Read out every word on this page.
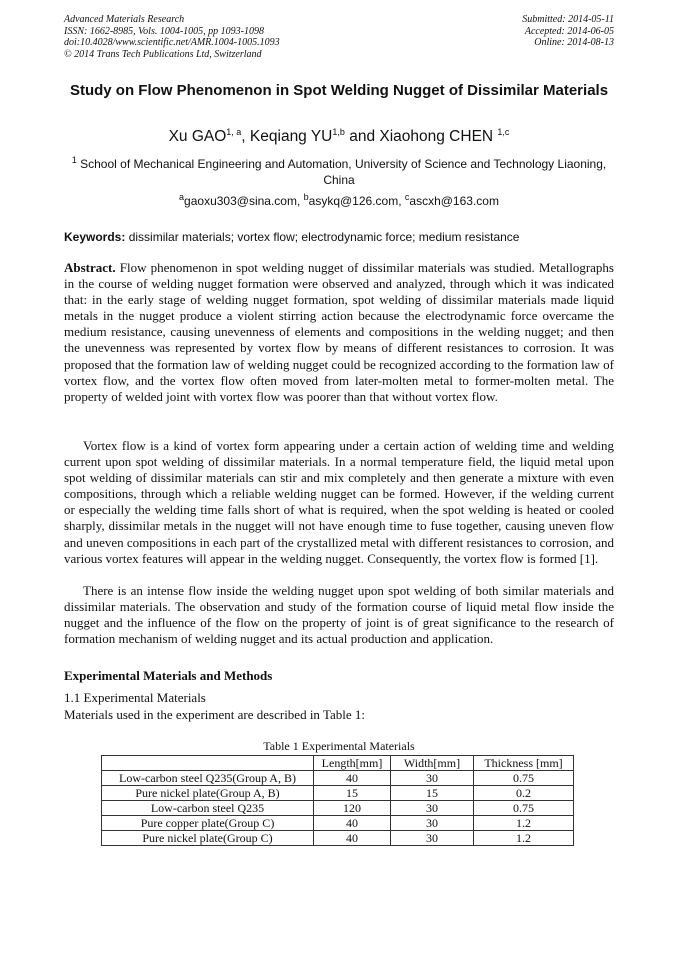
Advanced Materials Research
ISSN: 1662-8985, Vols. 1004-1005, pp 1093-1098
doi:10.4028/www.scientific.net/AMR.1004-1005.1093
© 2014 Trans Tech Publications Ltd, Switzerland
Submitted: 2014-05-11
Accepted: 2014-06-05
Online: 2014-08-13
Study on Flow Phenomenon in Spot Welding Nugget of Dissimilar Materials
Xu GAO$^{1, a}$, Keqiang YU$^{1,b}$ and Xiaohong CHEN $^{1,c}$
$^1$ School of Mechanical Engineering and Automation, University of Science and Technology Liaoning, China
$^a$gaoxu303@sina.com, $^b$asykq@126.com, $^c$ascxh@163.com
Keywords: dissimilar materials; vortex flow; electrodynamic force; medium resistance
Abstract. Flow phenomenon in spot welding nugget of dissimilar materials was studied. Metallographs in the course of welding nugget formation were observed and analyzed, through which it was indicated that: in the early stage of welding nugget formation, spot welding of dissimilar materials made liquid metals in the nugget produce a violent stirring action because the electrodynamic force overcame the medium resistance, causing unevenness of elements and compositions in the welding nugget; and then the unevenness was represented by vortex flow by means of different resistances to corrosion. It was proposed that the formation law of welding nugget could be recognized according to the formation law of vortex flow, and the vortex flow often moved from later-molten metal to former-molten metal. The property of welded joint with vortex flow was poorer than that without vortex flow.
Vortex flow is a kind of vortex form appearing under a certain action of welding time and welding current upon spot welding of dissimilar materials. In a normal temperature field, the liquid metal upon spot welding of dissimilar materials can stir and mix completely and then generate a mixture with even compositions, through which a reliable welding nugget can be formed. However, if the welding current or especially the welding time falls short of what is required, when the spot welding is heated or cooled sharply, dissimilar metals in the nugget will not have enough time to fuse together, causing uneven flow and uneven compositions in each part of the crystallized metal with different resistances to corrosion, and various vortex features will appear in the welding nugget. Consequently, the vortex flow is formed [1].
There is an intense flow inside the welding nugget upon spot welding of both similar materials and dissimilar materials. The observation and study of the formation course of liquid metal flow inside the nugget and the influence of the flow on the property of joint is of great significance to the research of formation mechanism of welding nugget and its actual production and application.
Experimental Materials and Methods
1.1 Experimental Materials
Materials used in the experiment are described in Table 1:
Table 1 Experimental Materials
	Length[mm]	Width[mm]	Thickness [mm]
Low-carbon steel Q235(Group A, B)	40	30	0.75
Pure nickel plate(Group A, B)	15	15	0.2
Low-carbon steel Q235	120	30	0.75
Pure copper plate(Group C)	40	30	1.2
Pure nickel plate(Group C)	40	30	1.2
